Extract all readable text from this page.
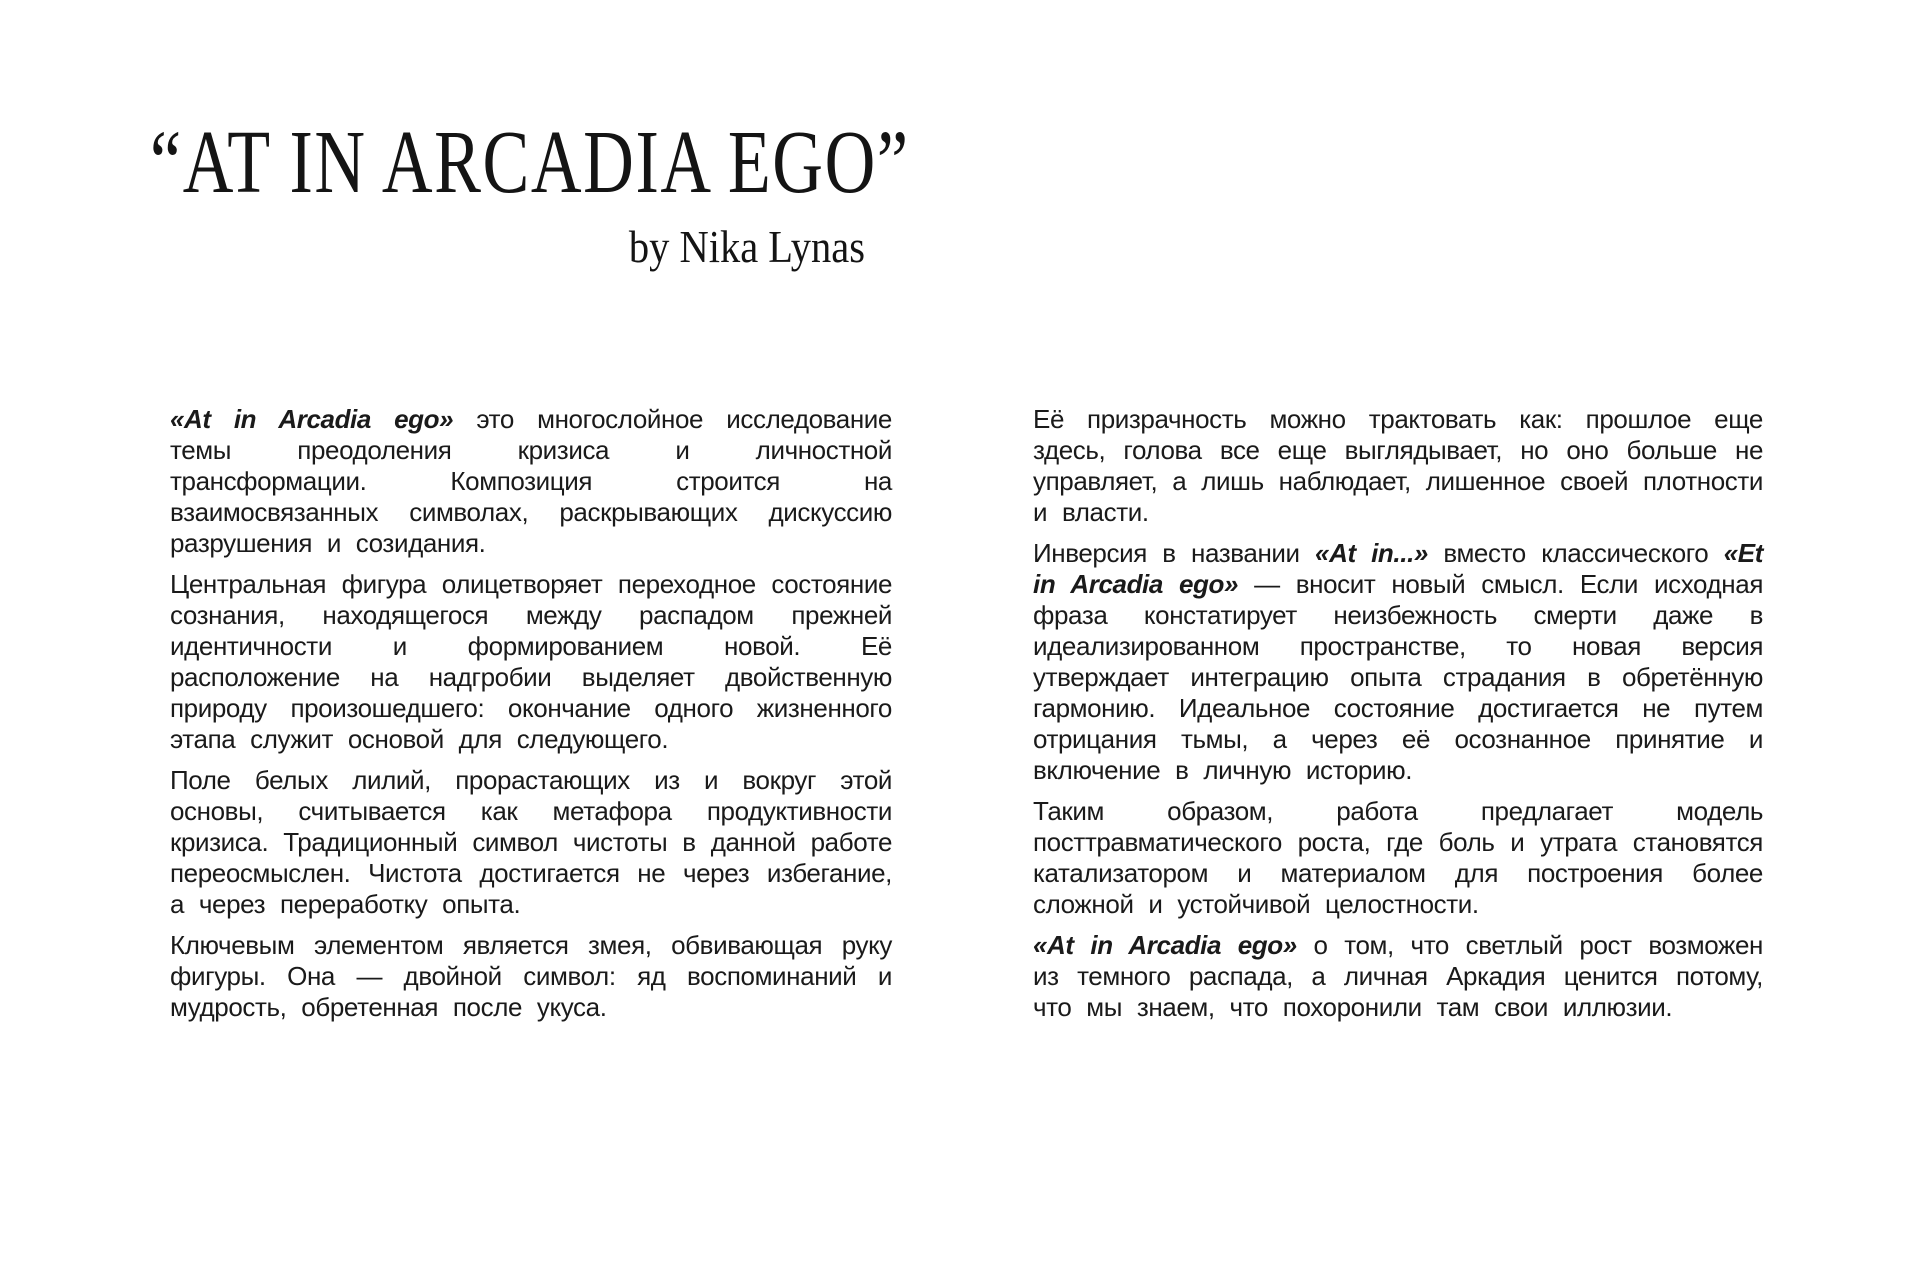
“AT IN ARCADIA EGO”
by Nika Lynas

«At in Arcadia ego» это многослойное исследование темы преодоления кризиса и личностной трансформации. Композиция строится на взаимосвязанных символах, раскрывающих дискуссию разрушения и созидания.

Центральная фигура олицетворяет переходное состояние сознания, находящегося между распадом прежней идентичности и формированием новой. Её расположение на надгробии выделяет двойственную природу произошедшего: окончание одного жизненного этапа служит основой для следующего.

Поле белых лилий, прорастающих из и вокруг этой основы, считывается как метафора продуктивности кризиса. Традиционный символ чистоты в данной работе переосмыслен. Чистота достигается не через избегание, а через переработку опыта.

Ключевым элементом является змея, обвивающая руку фигуры. Она — двойной символ: яд воспоминаний и мудрость, обретенная после укуса.

Её призрачность можно трактовать как: прошлое еще здесь, голова все еще выглядывает, но оно больше не управляет, а лишь наблюдает, лишенное своей плотности и власти.

Инверсия в названии «At in...» вместо классического «Et in Arcadia ego» — вносит новый смысл. Если исходная фраза констатирует неизбежность смерти даже в идеализированном пространстве, то новая версия утверждает интеграцию опыта страдания в обретённую гармонию. Идеальное состояние достигается не путем отрицания тьмы, а через её осознанное принятие и включение в личную историю.

Таким образом, работа предлагает модель посттравматического роста, где боль и утрата становятся катализатором и материалом для построения более сложной и устойчивой целостности.

«At in Arcadia ego» о том, что светлый рост возможен из темного распада, а личная Аркадия ценится потому, что мы знаем, что похоронили там свои иллюзии.
